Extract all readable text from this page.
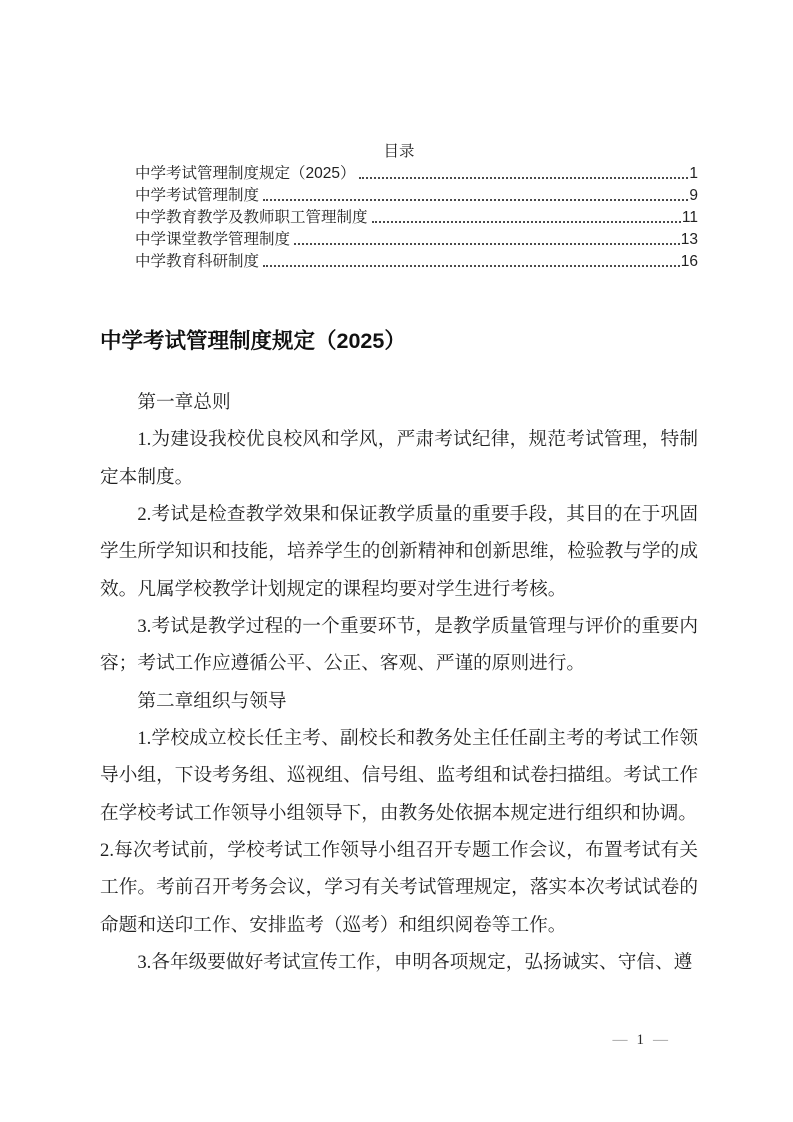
目录
中学考试管理制度规定（2025）	1
中学考试管理制度	9
中学教育教学及教师职工管理制度	11
中学课堂教学管理制度	13
中学教育科研制度	16
中学考试管理制度规定（2025）

第一章总则

1.为建设我校优良校风和学风，严肃考试纪律，规范考试管理，特制

定本制度。

2.考试是检查教学效果和保证教学质量的重要手段，其目的在于巩固

学生所学知识和技能，培养学生的创新精神和创新思维，检验教与学的成

效。凡属学校教学计划规定的课程均要对学生进行考核。

3.考试是教学过程的一个重要环节，是教学质量管理与评价的重要内

容；考试工作应遵循公平、公正、客观、严谨的原则进行。

第二章组织与领导

1.学校成立校长任主考、副校长和教务处主任任副主考的考试工作领

导小组，下设考务组、巡视组、信号组、监考组和试卷扫描组。考试工作

在学校考试工作领导小组领导下，由教务处依据本规定进行组织和协调。

2.每次考试前，学校考试工作领导小组召开专题工作会议，布置考试有关

工作。考前召开考务会议，学习有关考试管理规定，落实本次考试试卷的

命题和送印工作、安排监考（巡考）和组织阅卷等工作。

3.各年级要做好考试宣传工作，申明各项规定，弘扬诚实、守信、遵

— 1 —
